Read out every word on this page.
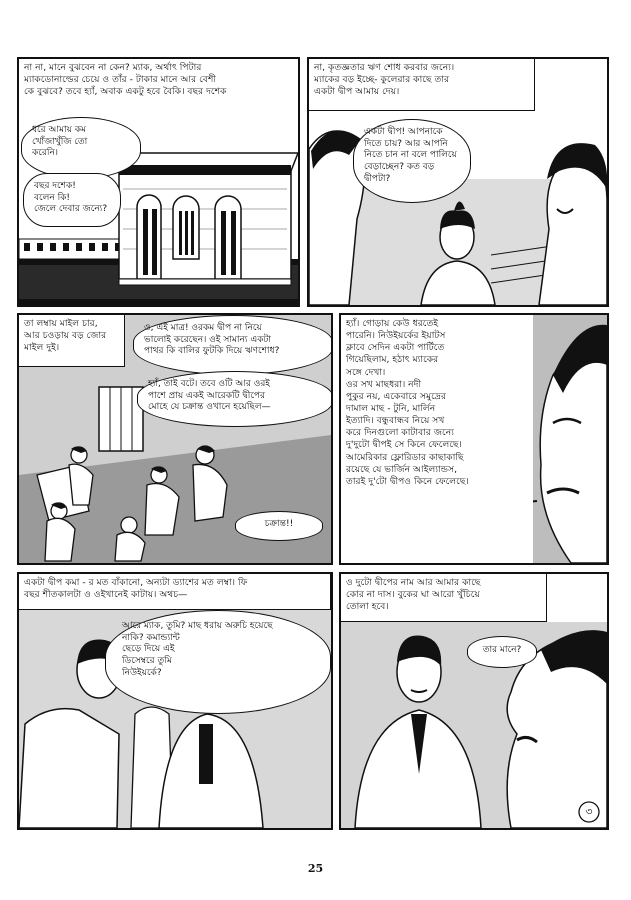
না না, মানে বুঝবেন না কেন? ম্যাক, অর্থাৎ পিটার
ম্যাকডোনাল্ডের চেয়ে ও তাঁর - টাকার মানে আর বেশী
কে বুঝবে? তবে হ্যাঁ, অবাক একটু হবে বৈকি। বছর দশেক
ধরে আমায় কম
খোঁজাখুঁজি তো
করেনি।
বছর দশেক!
বলেন কি!
জেলে দেবার জন্যে?
না, কৃতজ্ঞতার ঋণ শোধ করবার জন্যে।
ম্যাকের বড় ইচ্ছে- কুলেরার কাছে তার
একটা দ্বীপ আমায় দেয়।
একটা দ্বীপ! আপনাকে
দিতে চায়? আর আপনি
নিতে চান না বলে পালিয়ে
বেড়াচ্ছেন? কত বড়
দ্বীপটা?
তা লম্বায় মাইল চার,
আর চওড়ায় বড় জোর
মাইল দুই।
ও, এই মাত্র! ওরকম দ্বীপ না নিয়ে
ভালোই করেছেন। ওই সামান্য একটা
পাথর কি বালির ফুটকি দিয়ে ঋণশোধ?
হ্যাঁ, তাই বটে। তবে ওটি আর ওরই
পাশে প্রায় একই আরেকটি দ্বীপের
মোহে যে চক্রান্ত ওখানে হয়েছিল—
চক্রান্ত!!
হ্যাঁ। গোড়ায় কেউ ধরতেই
পারেনি। নিউইয়র্কের ইয়াটস
ক্লাবে সেদিন একটা পার্টিতে
গিয়েছিলাম, হঠাৎ ম্যাকের
সঙ্গে দেখা।
ওর সখ মাছধরা। নদী
পুকুর নয়, একেবারে সমুদ্রের
দামাল মাছ - টুনি, মার্লিন
ইত্যাদি। বন্ধুবান্ধব নিয়ে সখ
করে দিনগুলো কাটাবার জন্যে
দু'দুটো দ্বীপই সে কিনে ফেলেছে।
আমেরিকার ফ্লোরিডার কাছাকাছি
রয়েছে যে ভার্জিন আইল্যান্ডস,
তারই দু'টো দ্বীপও কিনে ফেলেছে।
একটা দ্বীপ কমা - র মত বাঁকানো, অন্যটা ড্যাশের মত লম্বা। ফি
বছর শীতকালটা ও ওইখানেই কাটায়। অথচ—
আরে ম্যাক, তুমি? মাছ ধরায় অরুচি হয়েছে
নাকি? কমান্ড্যান্ট
ছেড়ে দিয়ে এই
ডিসেম্বরে তুমি
নিউইয়র্কে?
ও দুটো দ্বীপের নাম আর আমার কাছে
কোর না দাস। বুকের ঘা আরো খুঁচিয়ে
তোলা হবে।
তার মানে?
৩
25
